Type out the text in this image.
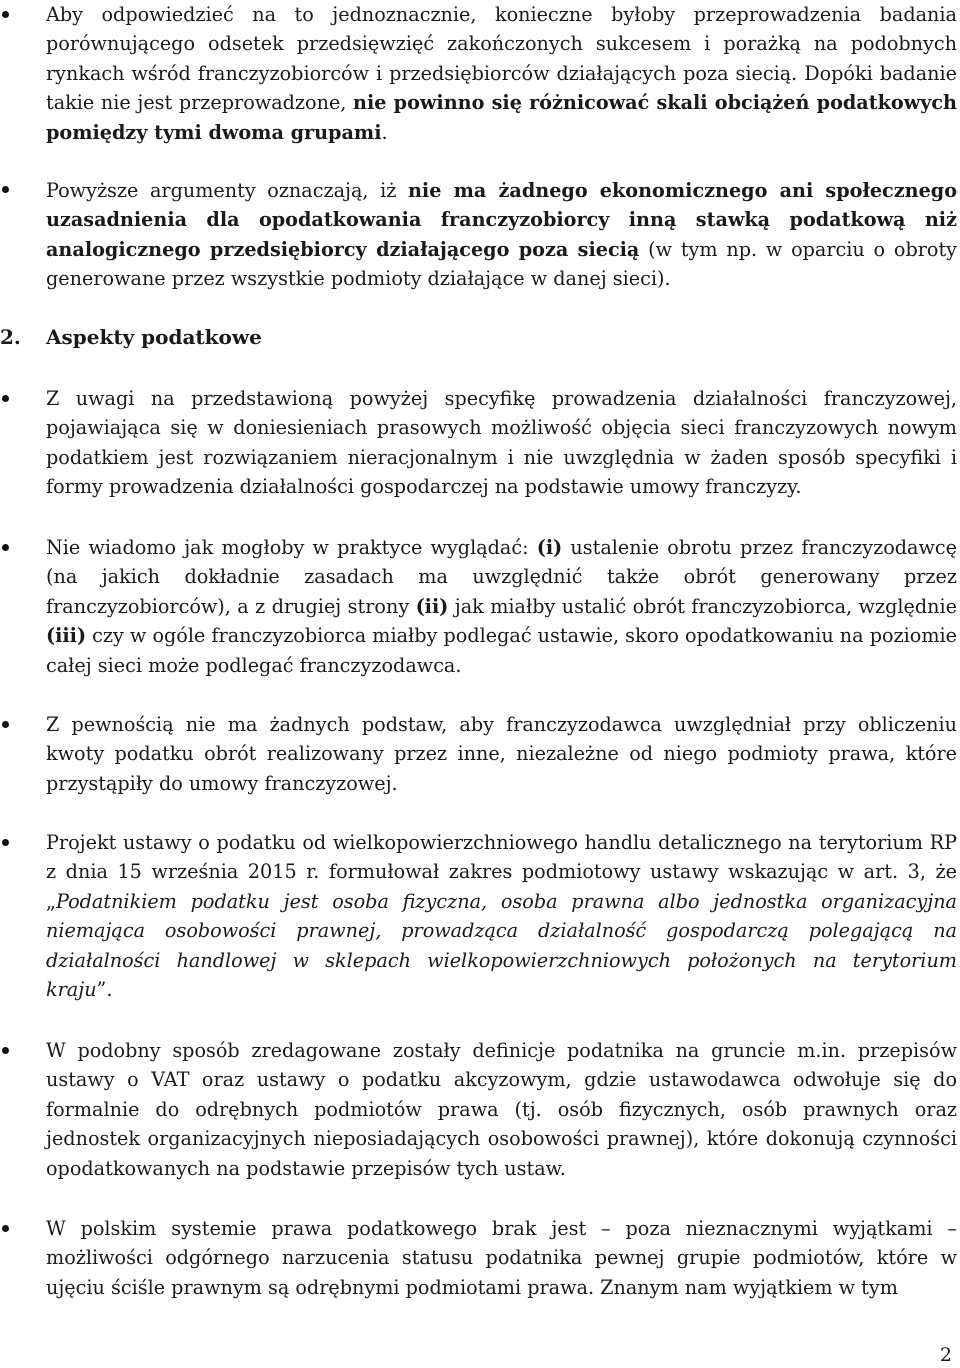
Aby odpowiedzieć na to jednoznacznie, konieczne byłoby przeprowadzenia badania porównującego odsetek przedsięwzięć zakończonych sukcesem i porażką na podobnych rynkach wśród franczyzobiorców i przedsiębiorców działających poza siecią. Dopóki badanie takie nie jest przeprowadzone, nie powinno się różnicować skali obciążeń podatkowych pomiędzy tymi dwoma grupami.

Powyższe argumenty oznaczają, iż nie ma żadnego ekonomicznego ani społecznego uzasadnienia dla opodatkowania franczyzobiorcy inną stawką podatkową niż analogicznego przedsiębiorcy działającego poza siecią (w tym np. w oparciu o obroty generowane przez wszystkie podmioty działające w danej sieci).

2. Aspekty podatkowe

Z uwagi na przedstawioną powyżej specyfikę prowadzenia działalności franczyzowej, pojawiająca się w doniesieniach prasowych możliwość objęcia sieci franczyzowych nowym podatkiem jest rozwiązaniem nieracjonalnym i nie uwzględnia w żaden sposób specyfiki i formy prowadzenia działalności gospodarczej na podstawie umowy franczyzy.

Nie wiadomo jak mogłoby w praktyce wyglądać: (i) ustalenie obrotu przez franczyzodawcę (na jakich dokładnie zasadach ma uwzględnić także obrót generowany przez franczyzobiorców), a z drugiej strony (ii) jak miałby ustalić obrót franczyzobiorca, względnie (iii) czy w ogóle franczyzobiorca miałby podlegać ustawie, skoro opodatkowaniu na poziomie całej sieci może podlegać franczyzodawca.

Z pewnością nie ma żadnych podstaw, aby franczyzodawca uwzględniał przy obliczeniu kwoty podatku obrót realizowany przez inne, niezależne od niego podmioty prawa, które przystąpiły do umowy franczyzowej.

Projekt ustawy o podatku od wielkopowierzchniowego handlu detalicznego na terytorium RP z dnia 15 września 2015 r. formułował zakres podmiotowy ustawy wskazując w art. 3, że „Podatnikiem podatku jest osoba fizyczna, osoba prawna albo jednostka organizacyjna niemająca osobowości prawnej, prowadząca działalność gospodarczą polegającą na działalności handlowej w sklepach wielkopowierzchniowych położonych na terytorium kraju”.

W podobny sposób zredagowane zostały definicje podatnika na gruncie m.in. przepisów ustawy o VAT oraz ustawy o podatku akcyzowym, gdzie ustawodawca odwołuje się do formalnie do odrębnych podmiotów prawa (tj. osób fizycznych, osób prawnych oraz jednostek organizacyjnych nieposiadających osobowości prawnej), które dokonują czynności opodatkowanych na podstawie przepisów tych ustaw.

W polskim systemie prawa podatkowego brak jest – poza nieznacznymi wyjątkami – możliwości odgórnego narzucenia statusu podatnika pewnej grupie podmiotów, które w ujęciu ściśle prawnym są odrębnymi podmiotami prawa. Znanym nam wyjątkiem w tym

2
